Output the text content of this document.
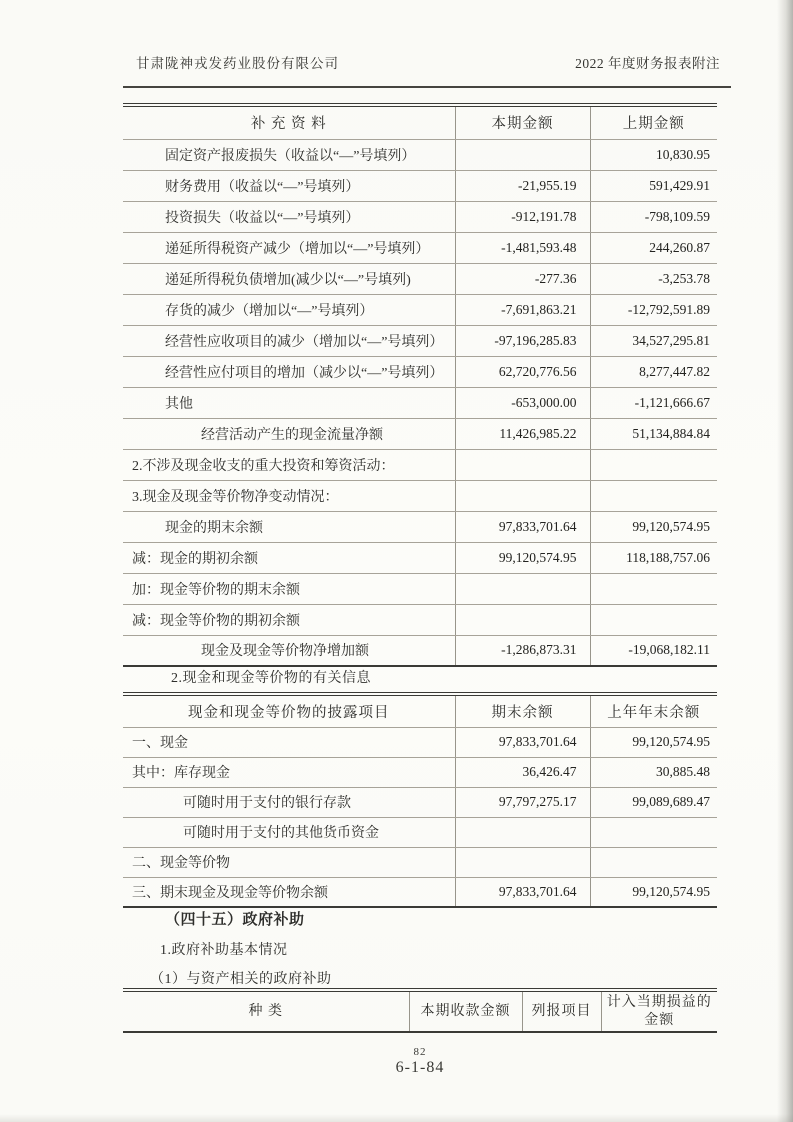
甘肃陇神戎发药业股份有限公司	2022 年度财务报表附注
补 充 资 料	本期金额	上期金额
固定资产报废损失（收益以“—”号填列）		10,830.95
财务费用（收益以“—”号填列）	-21,955.19	591,429.91
投资损失（收益以“—”号填列）	-912,191.78	-798,109.59
递延所得税资产减少（增加以“—”号填列）	-1,481,593.48	244,260.87
递延所得税负债增加(减少以“—”号填列)	-277.36	-3,253.78
存货的减少（增加以“—”号填列）	-7,691,863.21	-12,792,591.89
经营性应收项目的减少（增加以“—”号填列）	-97,196,285.83	34,527,295.81
经营性应付项目的增加（减少以“—”号填列）	62,720,776.56	8,277,447.82
其他	-653,000.00	-1,121,666.67
经营活动产生的现金流量净额	11,426,985.22	51,134,884.84
2.不涉及现金收支的重大投资和筹资活动：		
3.现金及现金等价物净变动情况：		
现金的期末余额	97,833,701.64	99,120,574.95
减：现金的期初余额	99,120,574.95	118,188,757.06
加：现金等价物的期末余额		
减：现金等价物的期初余额		
现金及现金等价物净增加额	-1,286,873.31	-19,068,182.11
2.现金和现金等价物的有关信息
现金和现金等价物的披露项目	期末余额	上年年末余额
一、现金	97,833,701.64	99,120,574.95
其中：库存现金	36,426.47	30,885.48
可随时用于支付的银行存款	97,797,275.17	99,089,689.47
可随时用于支付的其他货币资金		
二、现金等价物		
三、期末现金及现金等价物余额	97,833,701.64	99,120,574.95
（四十五）政府补助
1.政府补助基本情况
（1）与资产相关的政府补助
种 类	本期收款金额	列报项目	计入当期损益的金额
82
6-1-84
